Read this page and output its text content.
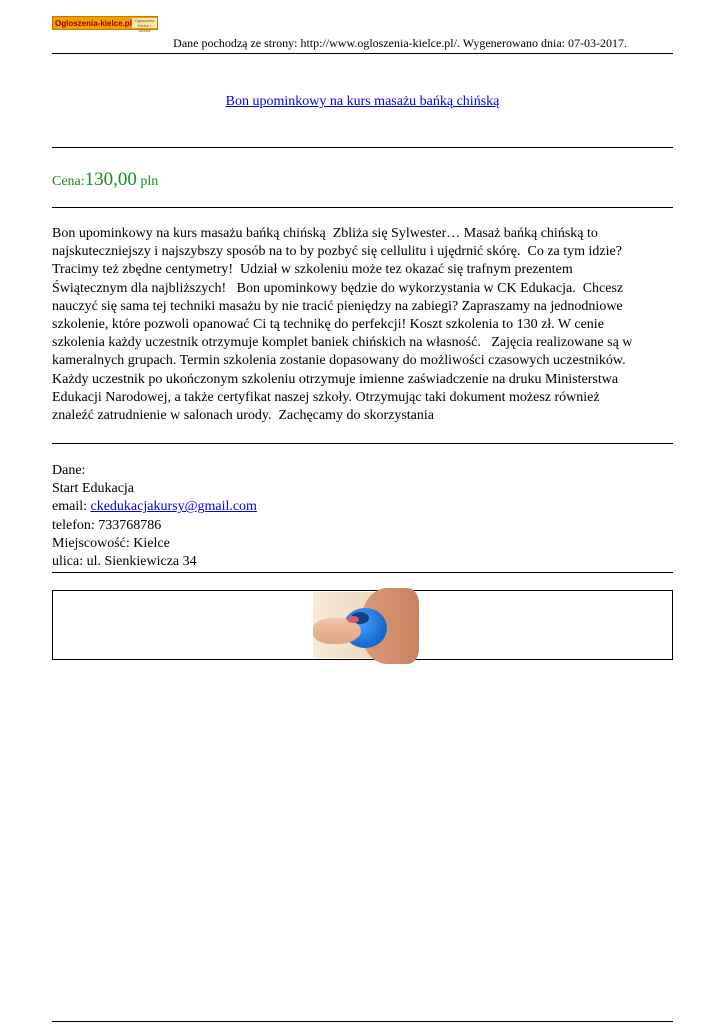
Ogloszenia-kielce.pl Ogłoszenia Kielce i okolice
Dane pochodzą ze strony: http://www.ogloszenia-kielce.pl/. Wygenerowano dnia: 07-03-2017.
Bon upominkowy na kurs masażu bańką chińską
Cena:130,00 pln

Bon upominkowy na kurs masażu bańką chińską  Zbliża się Sylwester… Masaż bańką chińską to
najskuteczniejszy i najszybszy sposób na to by pozbyć się cellulitu i ujędrnić skórę.  Co za tym idzie?
Tracimy też zbędne centymetry!  Udział w szkoleniu może tez okazać się trafnym prezentem
Świątecznym dla najbliższych!   Bon upominkowy będzie do wykorzystania w CK Edukacja.  Chcesz
nauczyć się sama tej techniki masażu by nie tracić pieniędzy na zabiegi? Zapraszamy na jednodniowe
szkolenie, które pozwoli opanować Ci tą technikę do perfekcji! Koszt szkolenia to 130 zł. W cenie
szkolenia każdy uczestnik otrzymuje komplet baniek chińskich na własność.   Zajęcia realizowane są w
kameralnych grupach. Termin szkolenia zostanie dopasowany do możliwości czasowych uczestników.
Każdy uczestnik po ukończonym szkoleniu otrzymuje imienne zaświadczenie na druku Ministerstwa
Edukacji Narodowej, a także certyfikat naszej szkoły. Otrzymując taki dokument możesz również
znaleźć zatrudnienie w salonach urody.  Zachęcamy do skorzystania

Dane:
Start Edukacja
email: ckedukacjakursy@gmail.com
telefon: 733768786
Miejscowość: Kielce
ulica: ul. Sienkiewicza 34
